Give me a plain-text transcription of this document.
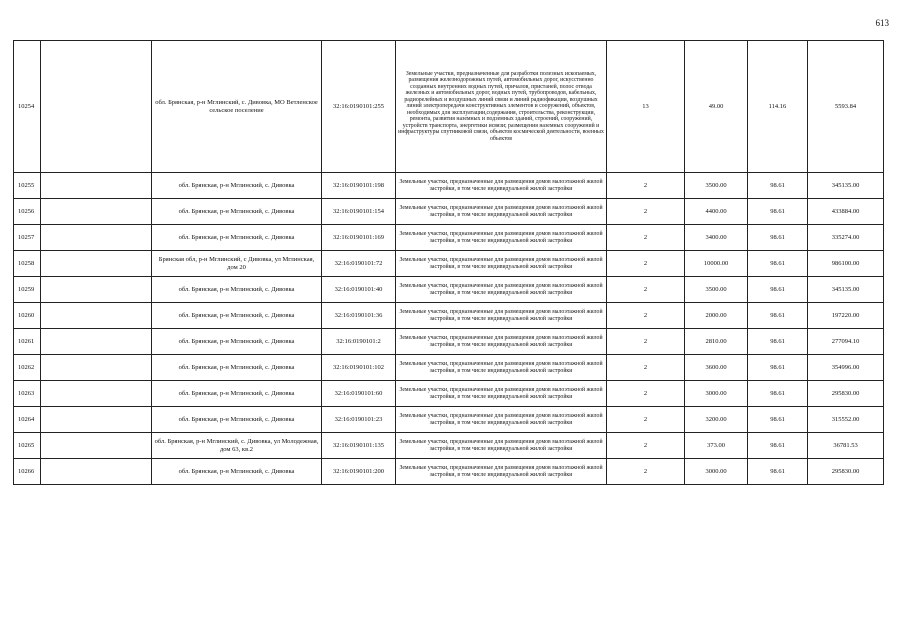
613
10254		обл. Брянская, р-н Мглинский, с. Дивовка, МО Ветленское сельское поселение	32:16:0190101:255	Земельные участки, предназначенные для разработки полезных ископаемых, размещения железнодорожных путей, автомобильных дорог, искусственно созданных внутренних водных путей, причалов, пристаней, полос отвода железных и автомобильных дорог, водных путей, трубопроводов, кабельных, радиорелейных и воздушных линий связи и линий радиофикации, воздушных линий электропередачи конструктивных элементов и сооружений, объектов, необходимых для эксплуатации,содержания, строительства, реконструкции, ремонта, развития наземных и подземных зданий, строений, сооружений, устройств транспорта, энергетики исвязи; размещения наземных сооружений и инфраструктуры спутниковой связи, объектов космической деятельности, военных объектов	13	49.00	114.16	5593.84
10255		обл. Брянская, р-н Мглинский, с. Дивовка	32:16:0190101:198	Земельные участки, предназначенные для размещения домов малоэтажной жилой застройки, в том числе индивидуальной жилой застройки	2	3500.00	98.61	345135.00
10256		обл. Брянская, р-н Мглинский, с. Дивовка	32:16:0190101:154	Земельные участки, предназначенные для размещения домов малоэтажной жилой застройки, в том числе индивидуальной жилой застройки	2	4400.00	98.61	433884.00
10257		обл. Брянская, р-н Мглинский, с. Дивовка	32:16:0190101:169	Земельные участки, предназначенные для размещения домов малоэтажной жилой застройки, в том числе индивидуальной жилой застройки	2	3400.00	98.61	335274.00
10258		Брянская обл, р-н Мглинский, с Дивовка, ул Мглинская, дом 20	32:16:0190101:72	Земельные участки, предназначенные для размещения домов малоэтажной жилой застройки, в том числе индивидуальной жилой застройки	2	10000.00	98.61	986100.00
10259		обл. Брянская, р-н Мглинский, с. Дивовка	32:16:0190101:40	Земельные участки, предназначенные для размещения домов малоэтажной жилой застройки, в том числе индивидуальной жилой застройки	2	3500.00	98.61	345135.00
10260		обл. Брянская, р-н Мглинский, с. Дивовка	32:16:0190101:36	Земельные участки, предназначенные для размещения домов малоэтажной жилой застройки, в том числе индивидуальной жилой застройки	2	2000.00	98.61	197220.00
10261		обл. Брянская, р-н Мглинский, с. Дивовка	32:16:0190101:2	Земельные участки, предназначенные для размещения домов малоэтажной жилой застройки, в том числе индивидуальной жилой застройки	2	2810.00	98.61	277094.10
10262		обл. Брянская, р-н Мглинский, с. Дивовка	32:16:0190101:102	Земельные участки, предназначенные для размещения домов малоэтажной жилой застройки, в том числе индивидуальной жилой застройки	2	3600.00	98.61	354996.00
10263		обл. Брянская, р-н Мглинский, с. Дивовка	32:16:0190101:60	Земельные участки, предназначенные для размещения домов малоэтажной жилой застройки, в том числе индивидуальной жилой застройки	2	3000.00	98.61	295830.00
10264		обл. Брянская, р-н Мглинский, с. Дивовка	32:16:0190101:23	Земельные участки, предназначенные для размещения домов малоэтажной жилой застройки, в том числе индивидуальной жилой застройки	2	3200.00	98.61	315552.00
10265		обл. Брянская, р-н Мглинский, с. Дивовка, ул Молодежная, дом 63, кв.2	32:16:0190101:135	Земельные участки, предназначенные для размещения домов малоэтажной жилой застройки, в том числе индивидуальной жилой застройки	2	373.00	98.61	36781.53
10266		обл. Брянская, р-н Мглинский, с. Дивовка	32:16:0190101:200	Земельные участки, предназначенные для размещения домов малоэтажной жилой застройки, в том числе индивидуальной жилой застройки	2	3000.00	98.61	295830.00
